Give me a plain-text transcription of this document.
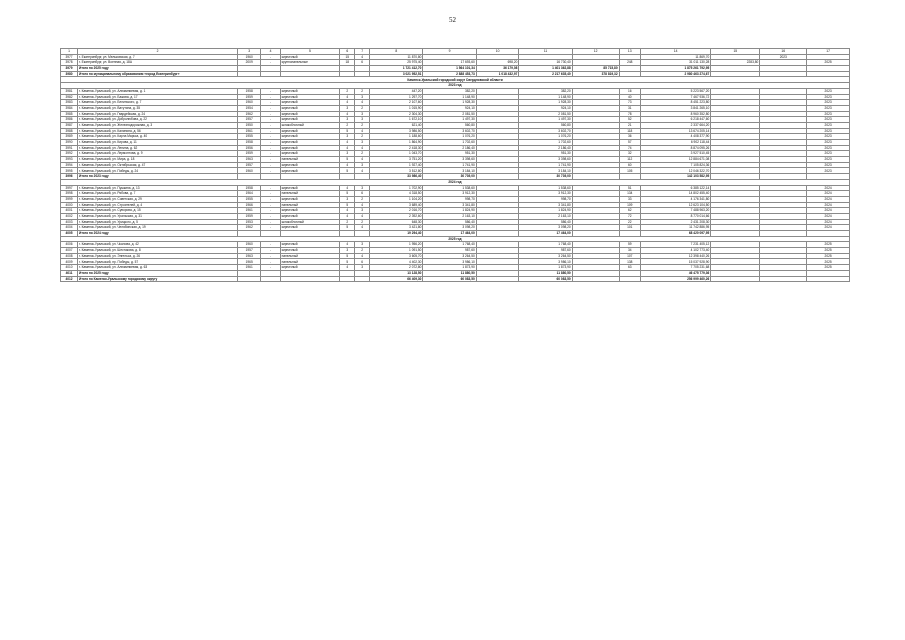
52
1	2	3	4	5	6	7	8	9	10	11	12	13	14	15	16	17
3977	г. Екатеринбург, ул. Мельковская, д. 7	1960	-	кирпичный	15	4	11 870,80						11 869,70		2023	
3978	г. Екатеринбург, ул. Военная, д. 18А	2009	-	крупнопанельные	18	6	25 975,40	17 693,60	698,20	16 730,40		248	31 011 130,28	2283,80		2025
3979	Итого по 2025 году						1 721 412,70	1 564 101,34	36 179,08	1 401 362,88	85 715,80		1 875 261 792,95			
3980	Итого по муниципальному образованию «город Екатеринбург»						3 021 952,51	2 888 453,73	1 018 432,97	2 217 635,40	378 819,32		2 980 463 274,67			
Каменск-Уральский городской округ Свердловской области																
2023 год																
3981	г. Каменск-Уральский, ул. Алюминиевая, д. 1	1958	-	кирпичный	2	2	447,20	382,20		382,20		16	5 223 567,20			2023
3982	г. Каменск-Уральский, ул. Бажова, д. 17	1959	-	кирпичный	4	3	1 297,70	1 148,90		1 148,90		40	7 467 936,72			2023
3983	г. Каменск-Уральский, ул. Белинского, д. 7	1960	-	кирпичный	4	4	2 107,60	1 928,30		1 928,30		73	8 451 223,80			2023
3984	г. Каменск-Уральский, ул. Ватутина, д. 35	1954	-	кирпичный	3	2	1 015,90	924,10		924,10		31	3 841 265,10			2023
3985	г. Каменск-Уральский, ул. Гвардейская, д. 24	1962	-	кирпичный	4	3	2 304,30	2 081,50		2 081,50		78	8 960 352,80			2023
3986	г. Каменск-Уральский, ул. Добролюбова, д. 22	1957	-	кирпичный	3	3	1 672,10	1 497,30		1 497,30		52	6 218 447,60			2023
3987	г. Каменск-Уральский, ул. Железнодорожная, д. 3	1950	-	шлакоблочный	2	2	621,40	560,80		560,80		21	2 337 664,20			2023
3988	г. Каменск-Уральский, ул. Калинина, д. 56	1961	-	кирпичный	5	4	3 986,50	3 602,70		3 602,70		118	13 674 205,14			2023
3989	г. Каменск-Уральский, ул. Карла Маркса, д. 40	1955	-	кирпичный	3	2	1 188,60	1 076,20		1 076,20		36	4 408 377,90			2023
3990	г. Каменск-Уральский, ул. Кирова, д. 11	1958	-	кирпичный	4	3	1 864,90	1 702,60		1 702,60		57	6 902 118,44			2023
3991	г. Каменск-Уральский, ул. Ленина, д. 62	1956	-	кирпичный	4	4	2 418,30	2 186,40		2 186,40		74	8 874 095,26			2023
3992	г. Каменск-Уральский, ул. Лермонтова, д. 9	1959	-	кирпичный	3	2	1 043,70	951,30		951,30		32	3 927 510,45			2023
3993	г. Каменск-Уральский, ул. Мира, д. 18	1963	-	панельный	5	4	3 751,20	3 398,60		3 398,60		112	12 884 671,08			2023
3994	г. Каменск-Уральский, ул. Октябрьская, д. 47	1957	-	кирпичный	4	3	1 927,40	1 741,90		1 741,90		60	7 105 824,36			2023
3995	г. Каменск-Уральский, ул. Победы, д. 24	1960	-	кирпичный	5	4	3 512,80	3 184,10		3 184,10		105	12 046 322,70			2023
3996	Итого по 2023 году						33 986,40	30 739,00		30 739,00			142 103 582,95			
2024 год																
3997	г. Каменск-Уральский, ул. Пушкина, д. 13	1958	-	кирпичный	4	3	1 702,90	1 538,60		1 538,60		51	6 385 122,14			2024
3998	г. Каменск-Уральский, ул. Рябова, д. 7	1964	-	панельный	5	6	4 318,50	3 912,30		3 912,30		134	14 802 455,40			2024
3999	г. Каменск-Уральский, ул. Советская, д. 29	1955	-	кирпичный	3	2	1 104,20	998,70		998,70		33	4 176 341,80			2024
4000	г. Каменск-Уральский, ул. Строителей, д. 4	1966	-	панельный	5	4	3 689,40	3 341,80		3 341,80		109	12 623 104,50			2024
4001	г. Каменск-Уральский, ул. Суворова, д. 15	1961	-	кирпичный	4	3	2 016,70	1 824,90		1 824,90		62	7 488 963,20			2024
4002	г. Каменск-Уральский, ул. Уральская, д. 31	1959	-	кирпичный	4	4	2 392,60	2 163,10		2 163,10		72	8 770 014,66			2024
4003	г. Каменск-Уральский, ул. Урицкого, д. 5	1953	-	шлакоблочный	2	2	648,30	586,40		586,40		22	2 431 208,30			2024
4004	г. Каменск-Уральский, ул. Челябинская, д. 19	1962	-	кирпичный	5	4	3 421,80	3 098,20		3 098,20		101	11 742 886,95			2024
4005	Итого по 2024 году						19 294,40	17 464,00		17 464,00			68 420 097,95			
2025 год																
4006	г. Каменск-Уральский, ул. Чкалова, д. 42	1960	-	кирпичный	4	3	1 956,20	1 768,40		1 768,40		59	7 231 405,12			2025
4007	г. Каменск-Уральский, ул. Шестакова, д. 8	1957	-	кирпичный	3	2	1 091,50	987,60		987,60		34	4 102 773,40			2025
4008	г. Каменск-Уральский, ул. Энгельса, д. 26	1963	-	панельный	5	4	3 605,70	3 264,50		3 264,50		107	12 398 440,26			2025
4009	г. Каменск-Уральский, пр. Победы, д. 57	1965	-	панельный	5	6	4 402,30	3 986,10		3 986,10		138	15 037 928,90			2025
4010	г. Каменск-Уральский, ул. Алюминиевая, д. 63	1961	-	кирпичный	4	3	2 072,80	1 873,90		1 873,90		63	7 705 231,68			2025
4011	Итого по 2025 году						13 128,50	11 880,50		11 880,50			46 475 779,36			
4012	Итого по Каменск-Уральскому городскому округу						66 409,30	60 083,50		60 083,50			256 999 460,26			
